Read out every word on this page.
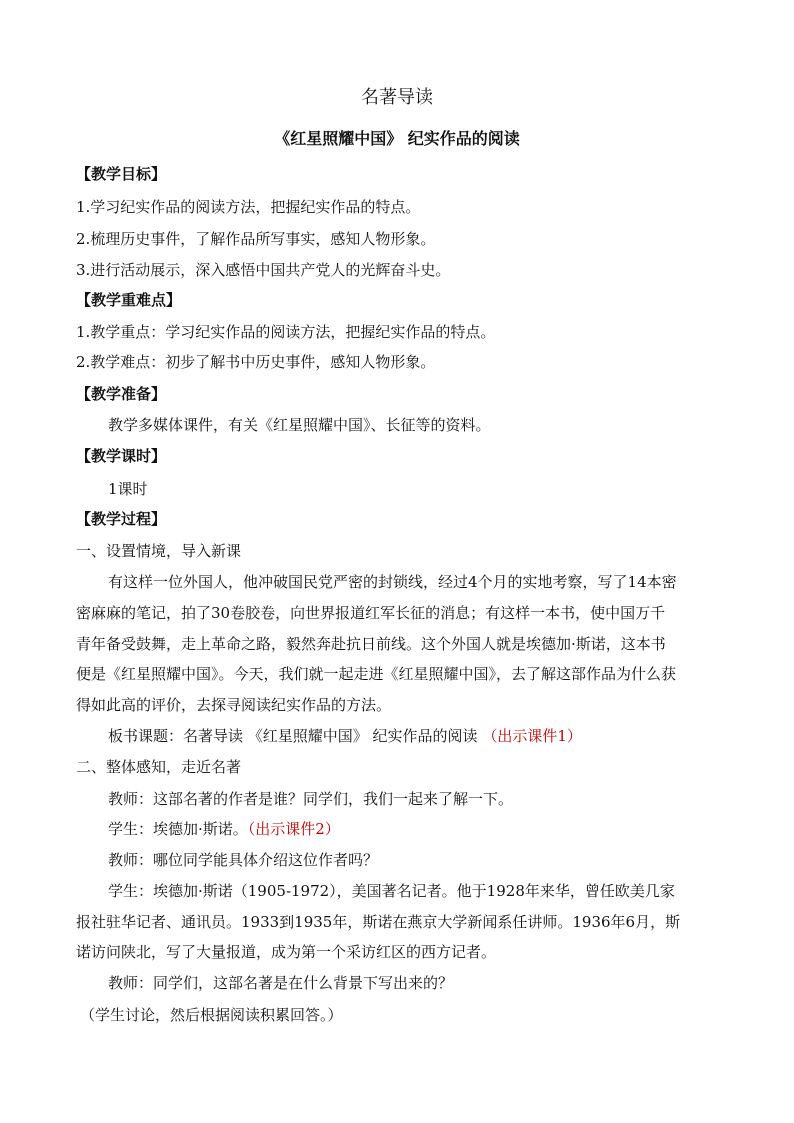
名著导读
《红星照耀中国》 纪实作品的阅读
【教学目标】
1.学习纪实作品的阅读方法，把握纪实作品的特点。
2.梳理历史事件，了解作品所写事实，感知人物形象。
3.进行活动展示，深入感悟中国共产党人的光辉奋斗史。
【教学重难点】
1.教学重点：学习纪实作品的阅读方法，把握纪实作品的特点。
2.教学难点：初步了解书中历史事件，感知人物形象。
【教学准备】
教学多媒体课件，有关《红星照耀中国》、长征等的资料。
【教学课时】
1课时
【教学过程】
一、设置情境，导入新课
有这样一位外国人，他冲破国民党严密的封锁线，经过4个月的实地考察，写了14本密
密麻麻的笔记，拍了30卷胶卷，向世界报道红军长征的消息；有这样一本书，使中国万千
青年备受鼓舞，走上革命之路，毅然奔赴抗日前线。这个外国人就是埃德加·斯诺，这本书
便是《红星照耀中国》。今天，我们就一起走进《红星照耀中国》，去了解这部作品为什么获
得如此高的评价，去探寻阅读纪实作品的方法。
板书课题：名著导读 《红星照耀中国》 纪实作品的阅读 （出示课件1）
二、整体感知，走近名著
教师：这部名著的作者是谁？同学们，我们一起来了解一下。
学生：埃德加·斯诺。（出示课件2）
教师：哪位同学能具体介绍这位作者吗？
学生：埃德加·斯诺（1905-1972），美国著名记者。他于1928年来华，曾任欧美几家
报社驻华记者、通讯员。1933到1935年，斯诺在燕京大学新闻系任讲师。1936年6月，斯
诺访问陕北，写了大量报道，成为第一个采访红区的西方记者。
教师：同学们，这部名著是在什么背景下写出来的？
（学生讨论，然后根据阅读积累回答。）
